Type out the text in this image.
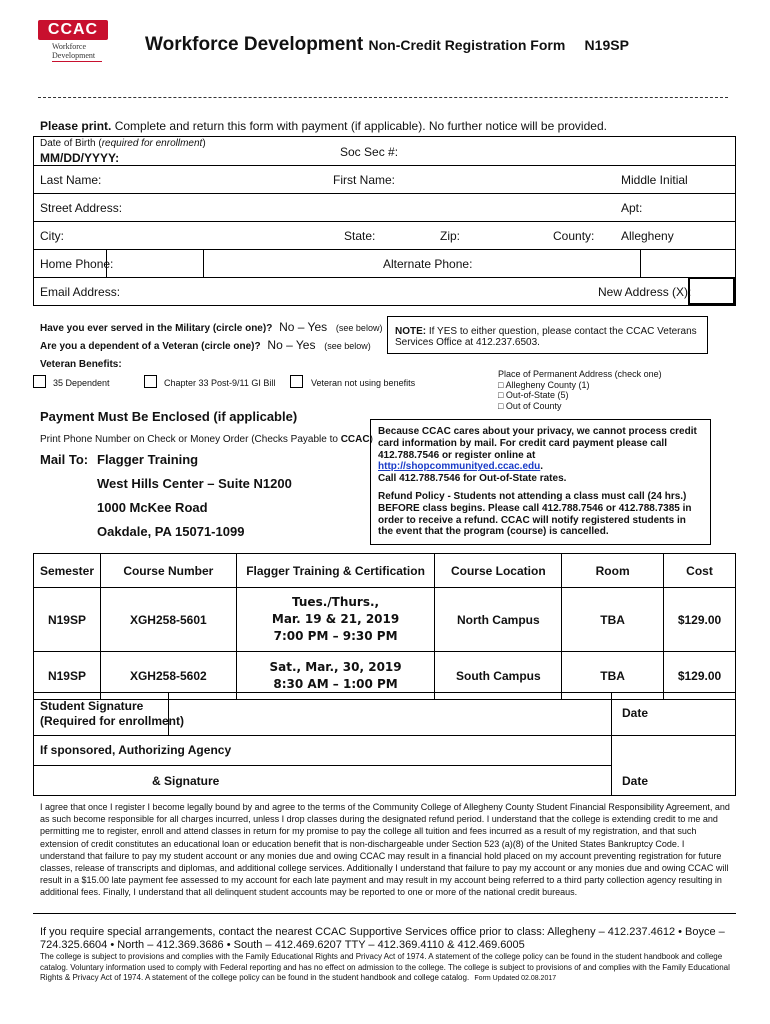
CCAC
Workforce
Development
Workforce Development Non-Credit Registration Form N19SP
Please print. Complete and return this form with payment (if applicable). No further notice will be provided.
Date of Birth (required for enrollment)
MM/DD/YYYY:	Soc Sec #:
Last Name:	First Name:	Middle Initial
Street Address:	Apt:
City:	State:	Zip:	County: Allegheny
Home Phone:	Alternate Phone:
Email Address:	New Address (X):
Have you ever served in the Military (circle one)? No – Yes (see below)
Are you a dependent of a Veteran (circle one)? No – Yes (see below)
NOTE: If YES to either question, please contact the CCAC Veterans Services Office at 412.237.6503.
Veteran Benefits:
35 Dependent	Chapter 33 Post-9/11 GI Bill	Veteran not using benefits
Place of Permanent Address (check one)
□ Allegheny County (1)
□ Out-of-State (5)
□ Out of County
Payment Must Be Enclosed (if applicable)
Print Phone Number on Check or Money Order (Checks Payable to CCAC)
Mail To: Flagger Training
West Hills Center – Suite N1200
1000 McKee Road
Oakdale, PA 15071-1099
Because CCAC cares about your privacy, we cannot process credit card information by mail. For credit card payment please call 412.788.7546 or register online at http://shopcommunityed.ccac.edu.
Call 412.788.7546 for Out-of-State rates.
Refund Policy - Students not attending a class must call (24 hrs.) BEFORE class begins. Please call 412.788.7546 or 412.788.7385 in order to receive a refund. CCAC will notify registered students in the event that the program (course) is cancelled.
Semester	Course Number	Flagger Training & Certification	Course Location	Room	Cost
N19SP	XGH258-5601	Tues./Thurs.,
Mar. 19 & 21, 2019
7:00 PM – 9:30 PM	North Campus	TBA	$129.00
N19SP	XGH258-5602	Sat., Mar., 30, 2019
8:30 AM – 1:00 PM	South Campus	TBA	$129.00
Student Signature
(Required for enrollment)
Date
If sponsored, Authorizing Agency
& Signature	Date
I agree that once I register I become legally bound by and agree to the terms of the Community College of Allegheny County Student Financial Responsibility Agreement, and as such become responsible for all charges incurred, unless I drop classes during the designated refund period. I understand that the college is extending credit to me and permitting me to register, enroll and attend classes in return for my promise to pay the college all tuition and fees incurred as a result of my registration, and that such extension of credit constitutes an educational loan or education benefit that is non-dischargeable under Section 523 (a)(8) of the United States Bankruptcy Code. I understand that failure to pay my student account or any monies due and owing CCAC may result in a financial hold placed on my account preventing registration for future classes, release of transcripts and diplomas, and additional college services. Additionally I understand that failure to pay my account or any monies due and owing CCAC will result in a $15.00 late payment fee assessed to my account for each late payment and may result in my account being referred to a third party collection agency resulting in additional fees. Finally, I understand that all delinquent student accounts may be reported to one or more of the national credit bureaus.
If you require special arrangements, contact the nearest CCAC Supportive Services office prior to class: Allegheny – 412.237.4612 • Boyce – 724.325.6604 • North – 412.369.3686 • South – 412.469.6207 TTY – 412.369.4110 & 412.469.6005
The college is subject to provisions and complies with the Family Educational Rights and Privacy Act of 1974. A statement of the college policy can be found in the student handbook and college catalog. Voluntary information used to comply with Federal reporting and has no effect on admission to the college. The college is subject to provisions of and complies with the Family Educational Rights & Privacy Act of 1974. A statement of the college policy can be found in the student handbook and college catalog. Form Updated 02.08.2017
